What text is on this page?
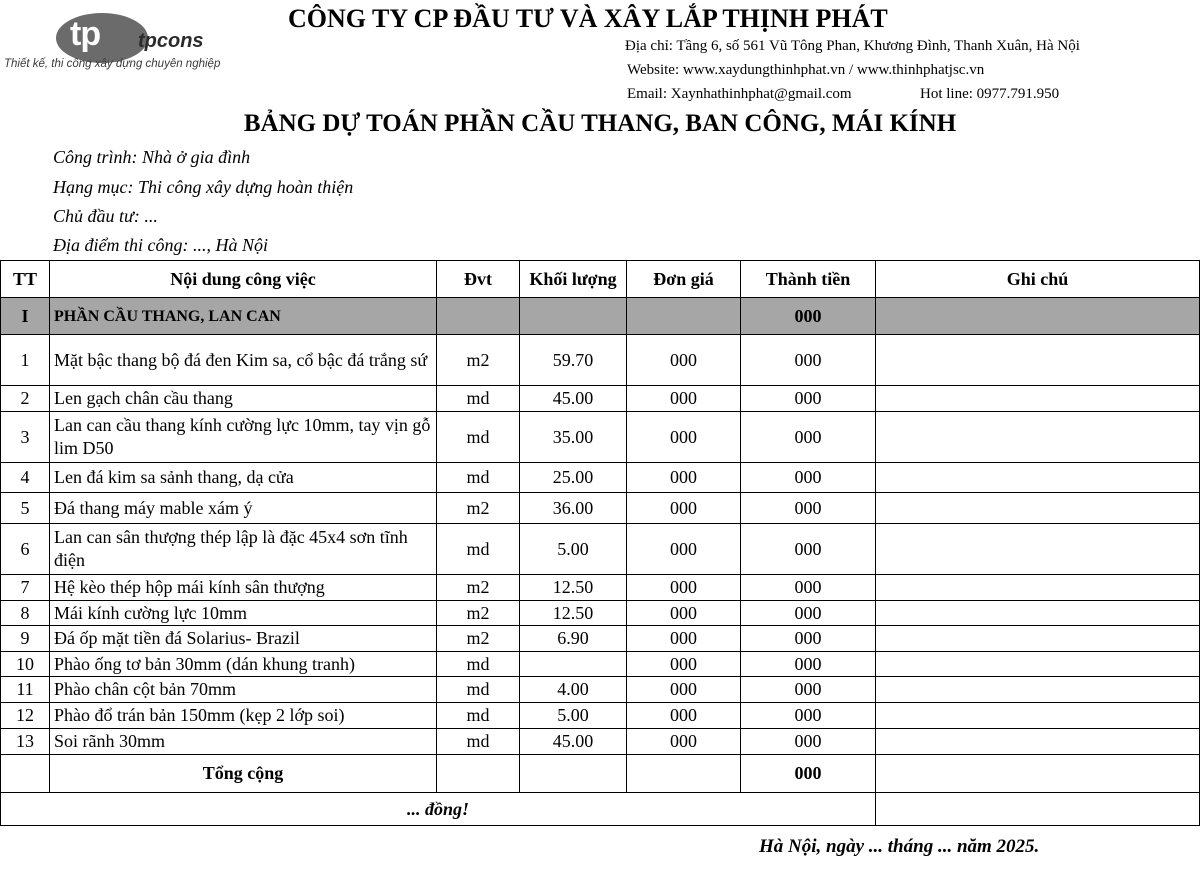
tp tpcons
Thiết kế, thi công xây dựng chuyên nghiệp
CÔNG TY CP ĐẦU TƯ VÀ XÂY LẮP THỊNH PHÁT
Địa chỉ: Tầng 6, số 561 Vũ Tông Phan, Khương Đình, Thanh Xuân, Hà Nội
Website: www.xaydungthinhphat.vn / www.thinhphatjsc.vn
Email: Xaynhathinhphat@gmail.com	Hot line: 0977.791.950
BẢNG DỰ TOÁN PHẦN CẦU THANG, BAN CÔNG, MÁI KÍNH
Công trình: Nhà ở gia đình
Hạng mục: Thi công xây dựng hoàn thiện
Chủ đầu tư: ...
Địa điểm thi công: ..., Hà Nội
TT	Nội dung công việc	Đvt	Khối lượng	Đơn giá	Thành tiền	Ghi chú
I	PHẦN CẦU THANG, LAN CAN				000	
1	Mặt bậc thang bộ đá đen Kim sa, cổ bậc đá trắng sứ	m2	59.70	000	000	
2	Len gạch chân cầu thang	md	45.00	000	000	
3	Lan can cầu thang kính cường lực 10mm, tay vịn gỗ lim D50	md	35.00	000	000	
4	Len đá kim sa sảnh thang, dạ cửa	md	25.00	000	000	
5	Đá thang máy mable xám ý	m2	36.00	000	000	
6	Lan can sân thượng thép lập là đặc 45x4 sơn tĩnh điện	md	5.00	000	000	
7	Hệ kèo thép hộp mái kính sân thượng	m2	12.50	000	000	
8	Mái kính cường lực 10mm	m2	12.50	000	000	
9	Đá ốp mặt tiền đá Solarius- Brazil	m2	6.90	000	000	
10	Phào ống tơ bản 30mm (dán khung tranh)	md		000	000	
11	Phào chân cột bản 70mm	md	4.00	000	000	
12	Phào đổ trán bản 150mm (kẹp 2 lớp soi)	md	5.00	000	000	
13	Soi rãnh 30mm	md	45.00	000	000	
	Tổng cộng				000	
... đồng!						
Hà Nội, ngày ... tháng ... năm 2025.
